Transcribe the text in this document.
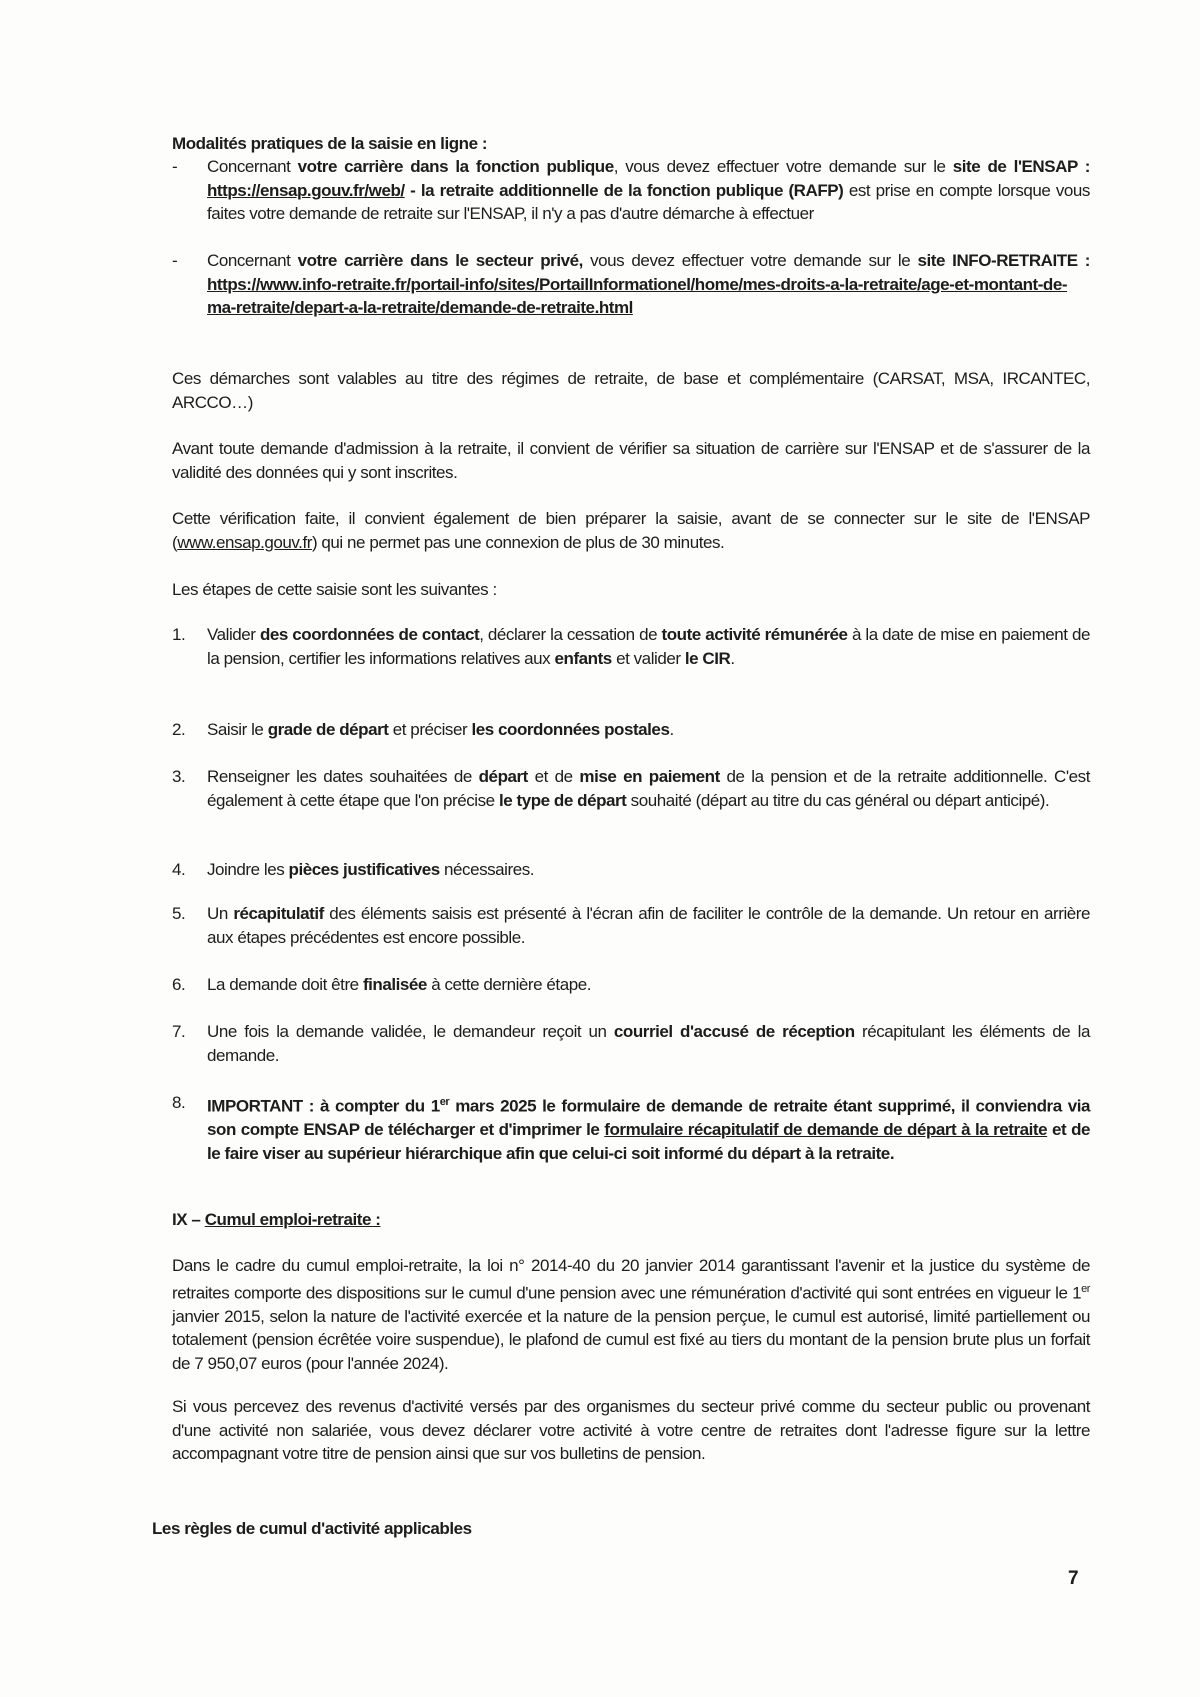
Modalités pratiques de la saisie en ligne :
- Concernant votre carrière dans la fonction publique, vous devez effectuer votre demande sur le site de l'ENSAP : https://ensap.gouv.fr/web/ - la retraite additionnelle de la fonction publique (RAFP) est prise en compte lorsque vous faites votre demande de retraite sur l'ENSAP, il n'y a pas d'autre démarche à effectuer
- Concernant votre carrière dans le secteur privé, vous devez effectuer votre demande sur le site INFO-RETRAITE : https://www.info-retraite.fr/portail-info/sites/PortailInformationel/home/mes-droits-a-la-retraite/age-et-montant-de-ma-retraite/depart-a-la-retraite/demande-de-retraite.html
Ces démarches sont valables au titre des régimes de retraite, de base et complémentaire (CARSAT, MSA, IRCANTEC, ARCCO…)
Avant toute demande d'admission à la retraite, il convient de vérifier sa situation de carrière sur l'ENSAP et de s'assurer de la validité des données qui y sont inscrites.
Cette vérification faite, il convient également de bien préparer la saisie, avant de se connecter sur le site de l'ENSAP (www.ensap.gouv.fr) qui ne permet pas une connexion de plus de 30 minutes.
Les étapes de cette saisie sont les suivantes :
1. Valider des coordonnées de contact, déclarer la cessation de toute activité rémunérée à la date de mise en paiement de la pension, certifier les informations relatives aux enfants et valider le CIR.
2. Saisir le grade de départ et préciser les coordonnées postales.
3. Renseigner les dates souhaitées de départ et de mise en paiement de la pension et de la retraite additionnelle. C'est également à cette étape que l'on précise le type de départ souhaité (départ au titre du cas général ou départ anticipé).
4. Joindre les pièces justificatives nécessaires.
5. Un récapitulatif des éléments saisis est présenté à l'écran afin de faciliter le contrôle de la demande. Un retour en arrière aux étapes précédentes est encore possible.
6. La demande doit être finalisée à cette dernière étape.
7. Une fois la demande validée, le demandeur reçoit un courriel d'accusé de réception récapitulant les éléments de la demande.
8. IMPORTANT : à compter du 1er mars 2025 le formulaire de demande de retraite étant supprimé, il conviendra via son compte ENSAP de télécharger et d'imprimer le formulaire récapitulatif de demande de départ à la retraite et de le faire viser au supérieur hiérarchique afin que celui-ci soit informé du départ à la retraite.
IX – Cumul emploi-retraite :
Dans le cadre du cumul emploi-retraite, la loi n° 2014-40 du 20 janvier 2014 garantissant l'avenir et la justice du système de retraites comporte des dispositions sur le cumul d'une pension avec une rémunération d'activité qui sont entrées en vigueur le 1er janvier 2015, selon la nature de l'activité exercée et la nature de la pension perçue, le cumul est autorisé, limité partiellement ou totalement (pension écrêtée voire suspendue), le plafond de cumul est fixé au tiers du montant de la pension brute plus un forfait de 7 950,07 euros (pour l'année 2024).
Si vous percevez des revenus d'activité versés par des organismes du secteur privé comme du secteur public ou provenant d'une activité non salariée, vous devez déclarer votre activité à votre centre de retraites dont l'adresse figure sur la lettre accompagnant votre titre de pension ainsi que sur vos bulletins de pension.
Les règles de cumul d'activité applicables
7
